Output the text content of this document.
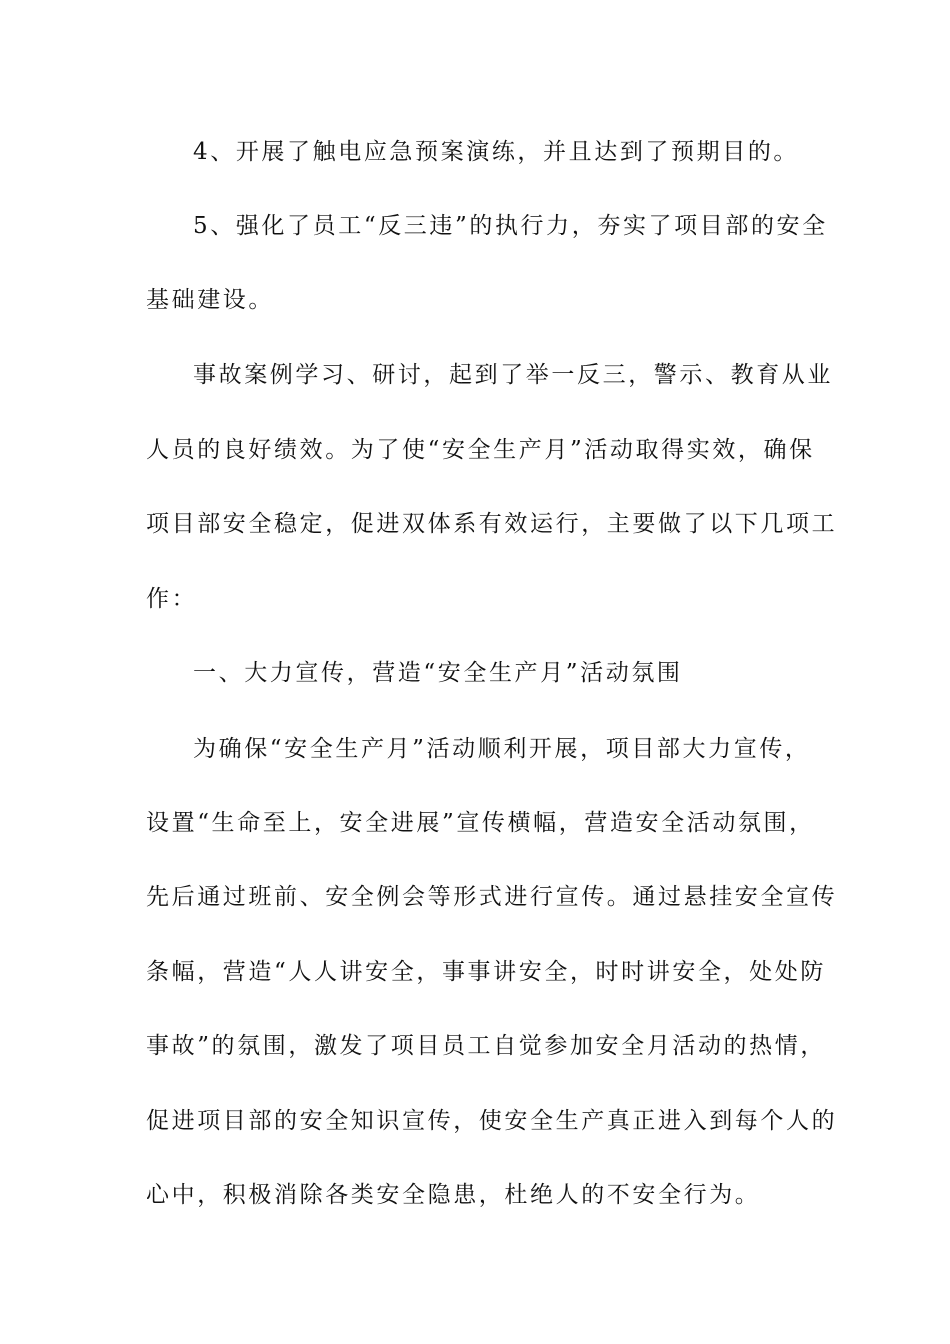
4、开展了触电应急预案演练，并且达到了预期目的。
5、强化了员工“反三违”的执行力，夯实了项目部的安全
基础建设。
事故案例学习、研讨，起到了举一反三，警示、教育从业
人员的良好绩效。为了使“安全生产月”活动取得实效，确保
项目部安全稳定，促进双体系有效运行，主要做了以下几项工
作：
一、大力宣传，营造“安全生产月”活动氛围
为确保“安全生产月”活动顺利开展，项目部大力宣传，
设置“生命至上，安全进展”宣传横幅，营造安全活动氛围，
先后通过班前、安全例会等形式进行宣传。通过悬挂安全宣传
条幅，营造“人人讲安全，事事讲安全，时时讲安全，处处防
事故”的氛围，激发了项目员工自觉参加安全月活动的热情，
促进项目部的安全知识宣传，使安全生产真正进入到每个人的
心中，积极消除各类安全隐患，杜绝人的不安全行为。
